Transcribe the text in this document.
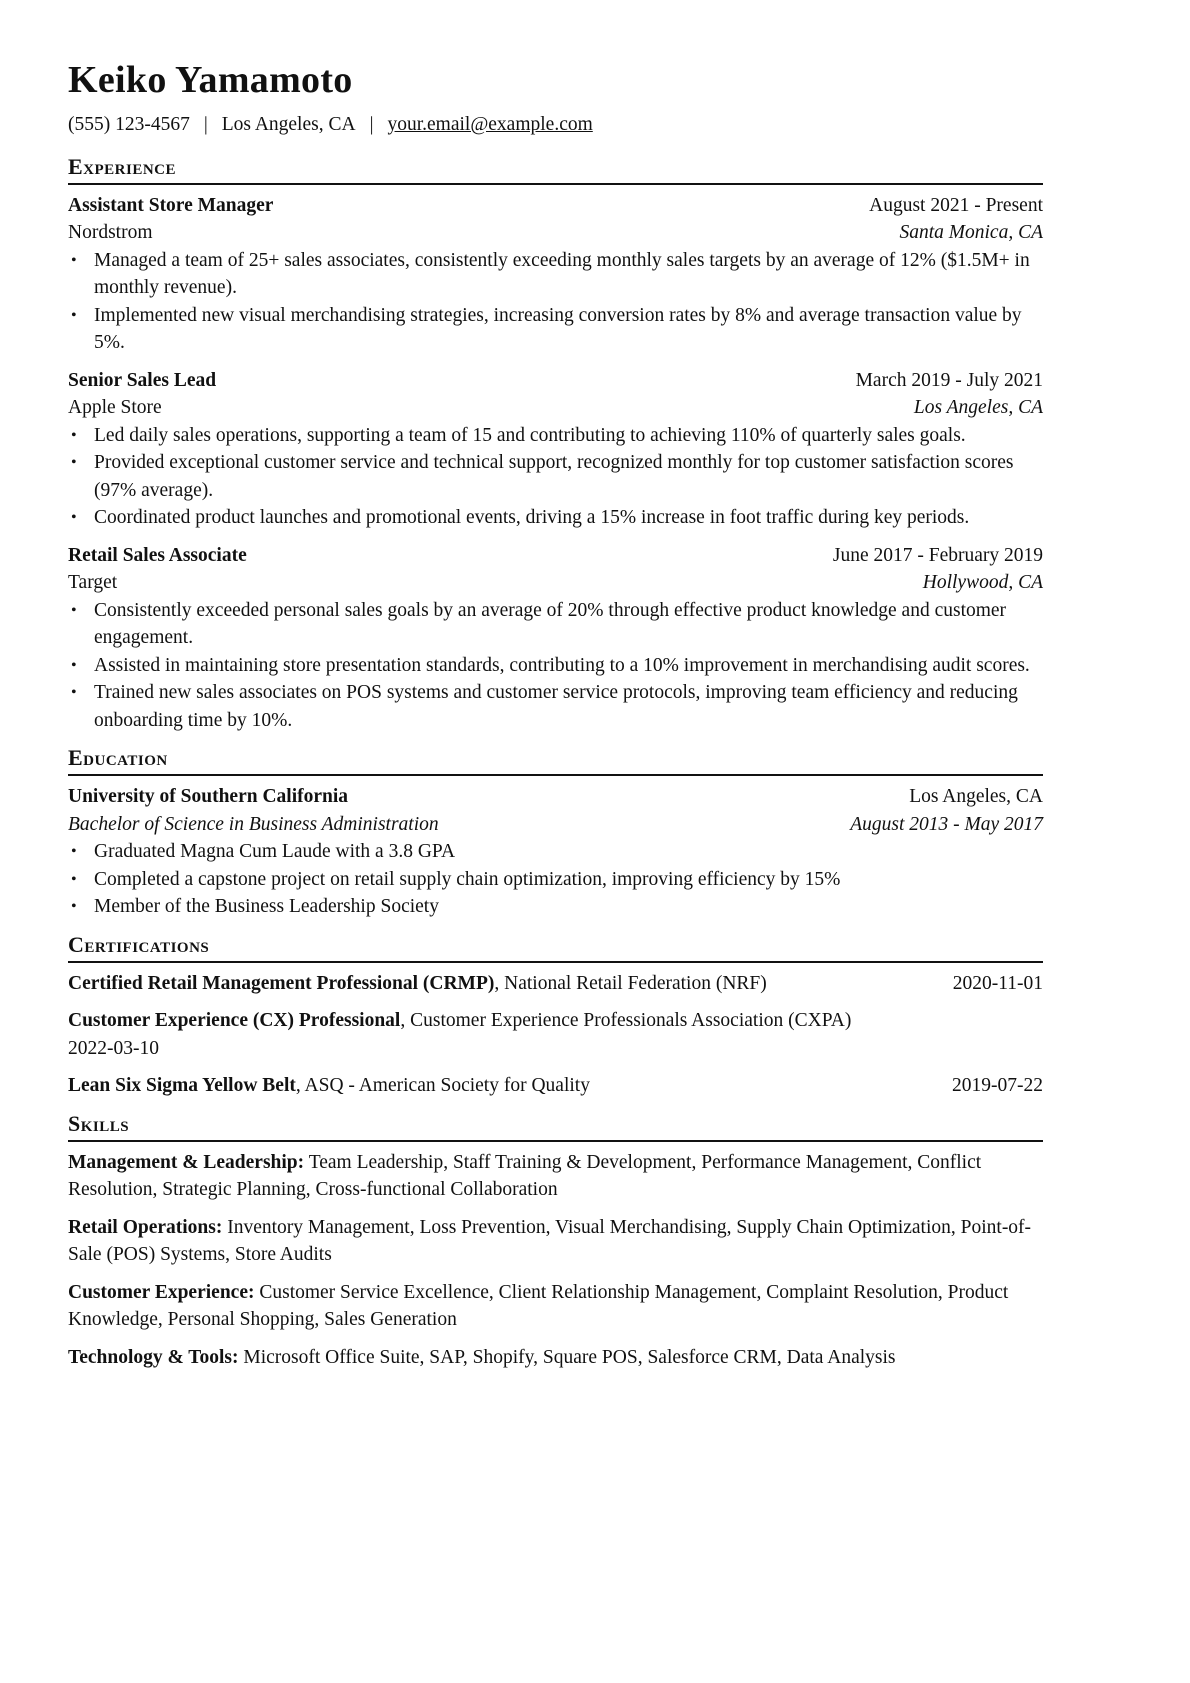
Keiko Yamamoto
(555) 123-4567 | Los Angeles, CA | your.email@example.com
Experience
Assistant Store Manager	August 2021 - Present
Nordstrom	Santa Monica, CA
• Managed a team of 25+ sales associates, consistently exceeding monthly sales targets by an average of 12% ($1.5M+ in monthly revenue).
• Implemented new visual merchandising strategies, increasing conversion rates by 8% and average transaction value by 5%.
Senior Sales Lead	March 2019 - July 2021
Apple Store	Los Angeles, CA
• Led daily sales operations, supporting a team of 15 and contributing to achieving 110% of quarterly sales goals.
• Provided exceptional customer service and technical support, recognized monthly for top customer satisfaction scores (97% average).
• Coordinated product launches and promotional events, driving a 15% increase in foot traffic during key periods.
Retail Sales Associate	June 2017 - February 2019
Target	Hollywood, CA
• Consistently exceeded personal sales goals by an average of 20% through effective product knowledge and customer engagement.
• Assisted in maintaining store presentation standards, contributing to a 10% improvement in merchandising audit scores.
• Trained new sales associates on POS systems and customer service protocols, improving team efficiency and reducing onboarding time by 10%.
Education
University of Southern California	Los Angeles, CA
Bachelor of Science in Business Administration	August 2013 - May 2017
• Graduated Magna Cum Laude with a 3.8 GPA
• Completed a capstone project on retail supply chain optimization, improving efficiency by 15%
• Member of the Business Leadership Society
Certifications
Certified Retail Management Professional (CRMP), National Retail Federation (NRF)	2020-11-01
Customer Experience (CX) Professional, Customer Experience Professionals Association (CXPA)
2022-03-10
Lean Six Sigma Yellow Belt, ASQ - American Society for Quality	2019-07-22
Skills
Management & Leadership: Team Leadership, Staff Training & Development, Performance Management, Conflict Resolution, Strategic Planning, Cross-functional Collaboration
Retail Operations: Inventory Management, Loss Prevention, Visual Merchandising, Supply Chain Optimization, Point-of-Sale (POS) Systems, Store Audits
Customer Experience: Customer Service Excellence, Client Relationship Management, Complaint Resolution, Product Knowledge, Personal Shopping, Sales Generation
Technology & Tools: Microsoft Office Suite, SAP, Shopify, Square POS, Salesforce CRM, Data Analysis
